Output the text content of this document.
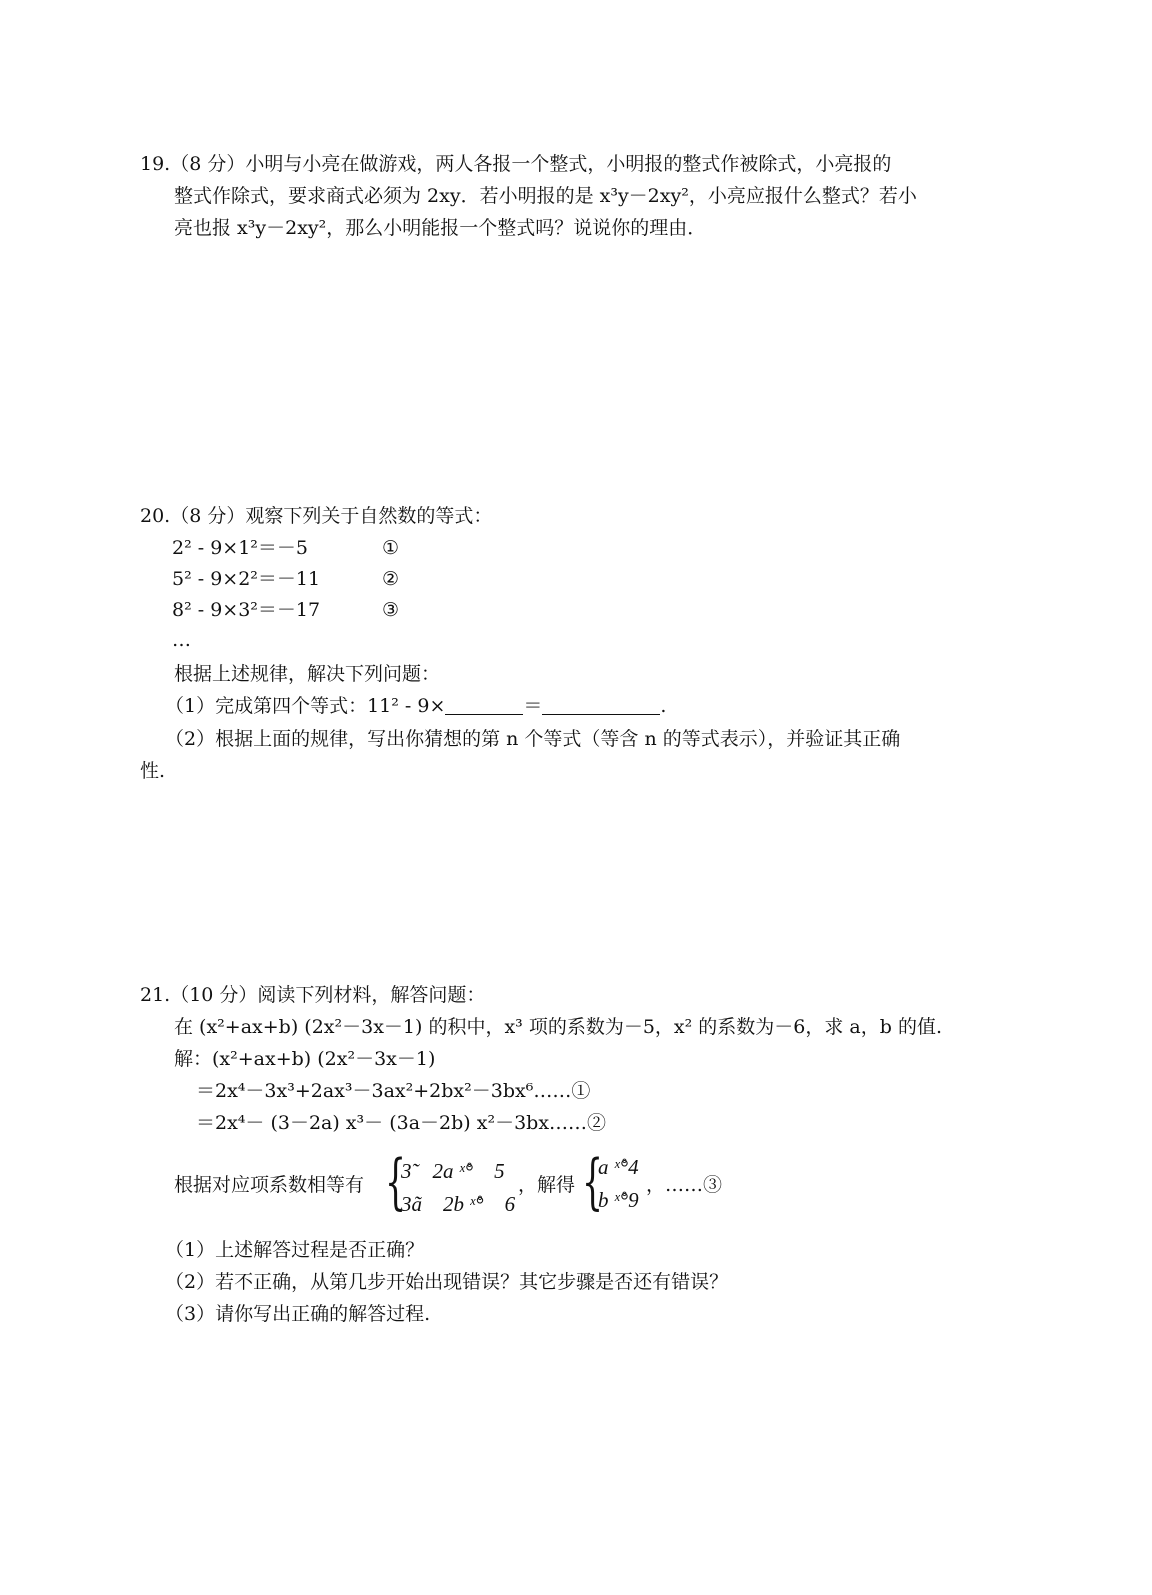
19.（8 分）小明与小亮在做游戏，两人各报一个整式，小明报的整式作被除式，小亮报的
整式作除式，要求商式必须为 2xy．若小明报的是 x³y－2xy²，小亮应报什么整式？若小
亮也报 x³y－2xy²，那么小明能报一个整式吗？说说你的理由．
20.（8 分）观察下列关于自然数的等式：
2² - 9×1²＝－5	①
5² - 9×2²＝－11	②
8² - 9×3²＝－17	③
…
根据上述规律，解决下列问题：
（1）完成第四个等式：11² - 9×	＝	.
（2）根据上面的规律，写出你猜想的第 n 个等式（等含 n 的等式表示），并验证其正确
性.
21.（10 分）阅读下列材料，解答问题：
在 (x²+ax+b) (2x²－3x－1) 的积中，x³ 项的系数为－5，x² 的系数为－6，求 a，b 的值.
解：(x²+ax+b) (2x²－3x－1)
＝2x⁴－3x³+2ax³－3ax²+2bx²－3bx⁶……①
＝2x⁴－ (3－2a) x³－ (3a－2b) x²－3bx……②
根据对应项系数相等有 {
3̃　2a ˣ̊°　5
3ã　2b ˣ̊°　6
，解得 {
a ˣ̊°4
b ˣ̊°9
，……③
（1）上述解答过程是否正确？
（2）若不正确，从第几步开始出现错误？其它步骤是否还有错误？
（3）请你写出正确的解答过程.
